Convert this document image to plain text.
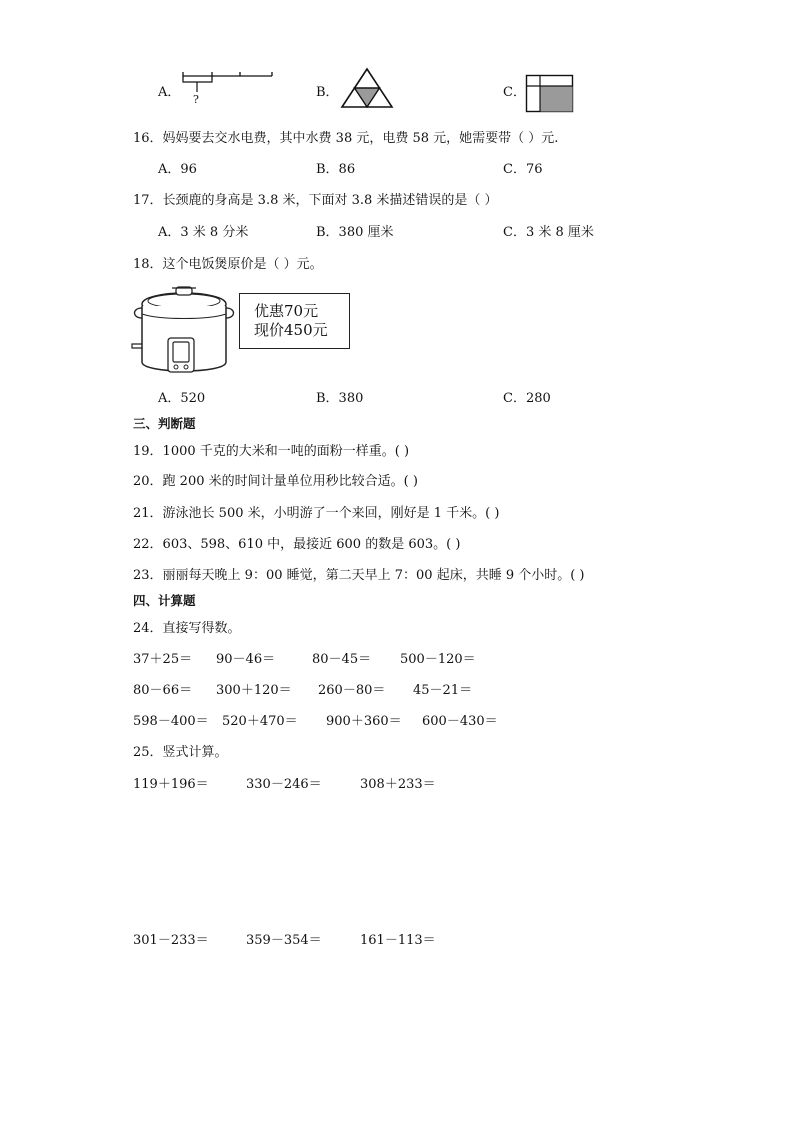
A． ?	B．	C．
16．妈妈要去交水电费，其中水费 38 元，电费 58 元，她需要带（ ）元.
A．96	B．86	C．76
17．长颈鹿的身高是 3.8 米，下面对 3.8 米描述错误的是（ ）
A．3 米 8 分米	B．380 厘米	C．3 米 8 厘米
18．这个电饭煲原价是（ ）元。
优惠70元
现价450元
A．520	B．380	C．280
三、判断题
19．1000 千克的大米和一吨的面粉一样重。( )
20．跑 200 米的时间计量单位用秒比较合适。( )
21．游泳池长 500 米，小明游了一个来回，刚好是 1 千米。( )
22．603、598、610 中，最接近 600 的数是 603。( )
23．丽丽每天晚上 9：00 睡觉，第二天早上 7：00 起床，共睡 9 个小时。( )
四、计算题
24．直接写得数。
37＋25＝ 90－46＝	80－45＝ 500－120＝
80－66＝ 300＋120＝ 260－80＝ 45－21＝
598－400＝ 520＋470＝ 900＋360＝ 600－430＝
25．竖式计算。
119＋196＝	330－246＝	308＋233＝
301－233＝	359－354＝	161－113＝
